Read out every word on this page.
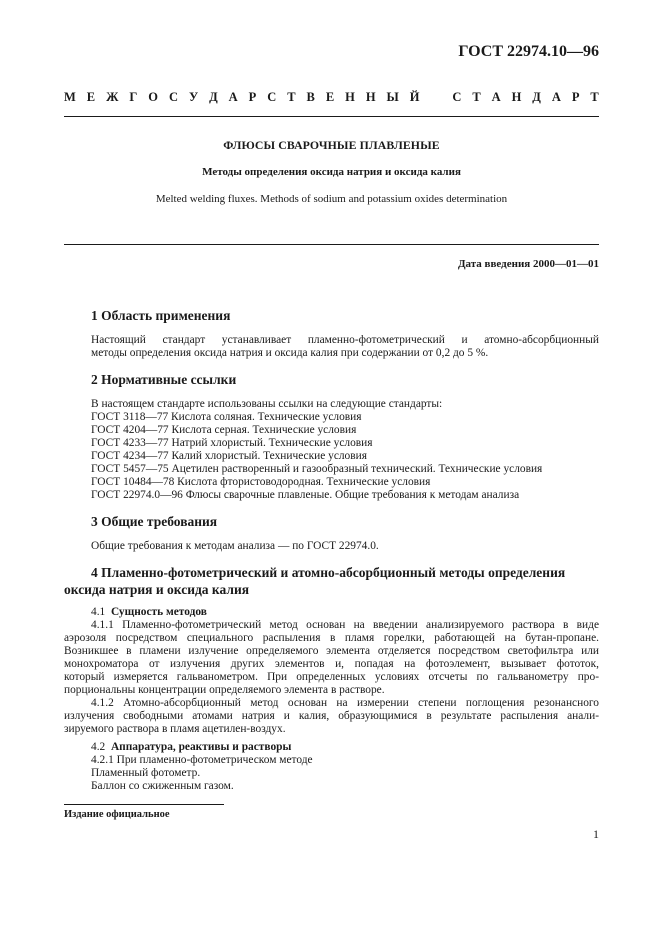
ГОСТ 22974.10—96
М Е Ж Г О С У Д А Р С Т В Е Н Н Ы Й	С Т А Н Д А Р Т
ФЛЮСЫ СВАРОЧНЫЕ ПЛАВЛЕНЫЕ
Методы определения оксида натрия и оксида калия
Melted welding fluxes. Methods of sodium and potassium oxides determination
Дата введения 2000—01—01
1 Область применения
Настоящий стандарт устанавливает пламенно-фотометрический и атомно-абсорбционный
методы определения оксида натрия и оксида калия при содержании от 0,2 до 5 %.
2 Нормативные ссылки
В настоящем стандарте использованы ссылки на следующие стандарты:
ГОСТ 3118—77 Кислота соляная. Технические условия
ГОСТ 4204—77 Кислота серная. Технические условия
ГОСТ 4233—77 Натрий хлористый. Технические условия
ГОСТ 4234—77 Калий хлористый. Технические условия
ГОСТ 5457—75 Ацетилен растворенный и газообразный технический. Технические условия
ГОСТ 10484—78 Кислота фтористоводородная. Технические условия
ГОСТ 22974.0—96 Флюсы сварочные плавленые. Общие требования к методам анализа
3 Общие требования
Общие требования к методам анализа — по ГОСТ 22974.0.
4 Пламенно-фотометрический и атомно-абсорбционный методы определения
оксида натрия и оксида калия
4.1 Сущность методов
4.1.1 Пламенно-фотометрический метод основан на введении анализируемого раствора в виде
аэрозоля посредством специального распыления в пламя горелки, работающей на бутан-пропане.
Возникшее в пламени излучение определяемого элемента отделяется посредством светофильтра или
монохроматора от излучения других элементов и, попадая на фотоэлемент, вызывает фототок,
который измеряется гальванометром. При определенных условиях отсчеты по гальванометру про-
порциональны концентрации определяемого элемента в растворе.
4.1.2 Атомно-абсорбционный метод основан на измерении степени поглощения резонансного
излучения свободными атомами натрия и калия, образующимися в результате распыления анали-
зируемого раствора в пламя ацетилен-воздух.
4.2 Аппаратура, реактивы и растворы
4.2.1 При пламенно-фотометрическом методе
Пламенный фотометр.
Баллон со сжиженным газом.
Издание официальное
1
